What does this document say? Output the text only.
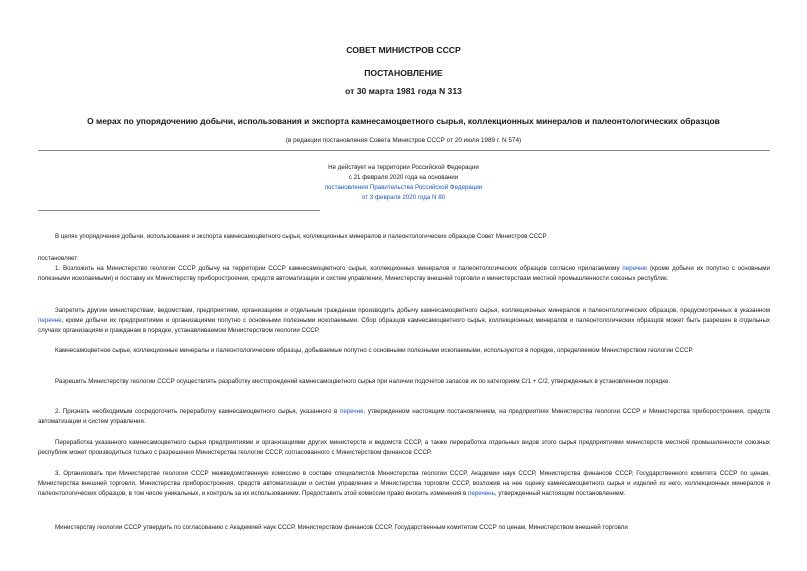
СОВЕТ МИНИСТРОВ СССР
ПОСТАНОВЛЕНИЕ
от 30 марта 1981 года N 313
О мерах по упорядочению добычи, использования и экспорта камнесамоцветного сырья, коллекционных минералов и палеонтологических образцов
(в редакции постановления Совета Министров СССР от 20 июля 1989 г. N 574)
Не действует на территории Российской Федерации
с 21 февраля 2020 года на основании
постановления Правительства Российской Федерации
от 3 февраля 2020 года N 80

В целях упорядочения добычи, использования и экспорта камнесамоцветного сырья, коллекционных минералов и палеонтологических образцов Совет Министров СССР

постановляет:

1. Возложить на Министерство геологии СССР добычу на территории СССР камнесамоцветного сырья, коллекционных минералов и палеонтологических образцов согласно прилагаемому перечню (кроме добычи их попутно с основными полезными ископаемыми) и поставку их Министерству приборостроения, средств автоматизации и систем управления, Министерству внешней торговли и министерствам местной промышленности союзных республик.

Запретить другим министерствам, ведомствам, предприятиям, организациям и отдельным гражданам производить добычу камнесамоцветного сырья, коллекционных минералов и палеонтологических образцов, предусмотренных в указанном перечне, кроме добычи их предприятиями и организациями попутно с основными полезными ископаемыми. Сбор образцов камнесамоцветного сырья, коллекционных минералов и палеонтологических образцов может быть разрешен в отдельных случаях организациям и гражданам в порядке, устанавливаемом Министерством геологии СССР.

Камнесамоцветное сырье, коллекционные минералы и палеонтологические образцы, добываемые попутно с основными полезными ископаемыми, используются в порядке, определяемом Министерством геологии СССР.

Разрешить Министерству геологии СССР осуществлять разработку месторождений камнесамоцветного сырья при наличии подсчетов запасов их по категориям С/1 + С/2, утвержденных в установленном порядке.

2. Признать необходимым сосредоточить переработку камнесамоцветного сырья, указанного в перечне, утвержденном настоящим постановлением, на предприятиях Министерства геологии СССР и Министерства приборостроения, средств автоматизации и систем управления.

Переработка указанного камнесамоцветного сырья предприятиями и организациями других министерств и ведомств СССР, а также переработка отдельных видов этого сырья предприятиями министерств местной промышленности союзных республик может производиться только с разрешения Министерства геологии СССР, согласованного с Министерством финансов СССР.

3. Организовать при Министерстве геологии СССР межведомственную комиссию в составе специалистов Министерства геологии СССР, Академии наук СССР, Министерства финансов СССР, Государственного комитета СССР по ценам, Министерства внешней торговли, Министерства приборостроения, средств автоматизации и систем управления и Министерства торговли СССР, возложив на нее оценку камнесамоцветного сырья и изделий из него, коллекционных минералов и палеонтологических образцов, в том числе уникальных, и контроль за их использованием. Предоставить этой комиссии право вносить изменения в перечень, утвержденный настоящим постановлением.

Министерству геологии СССР утвердить по согласованию с Академией наук СССР, Министерством финансов СССР, Государственным комитетом СССР по ценам, Министерством внешней торговли
